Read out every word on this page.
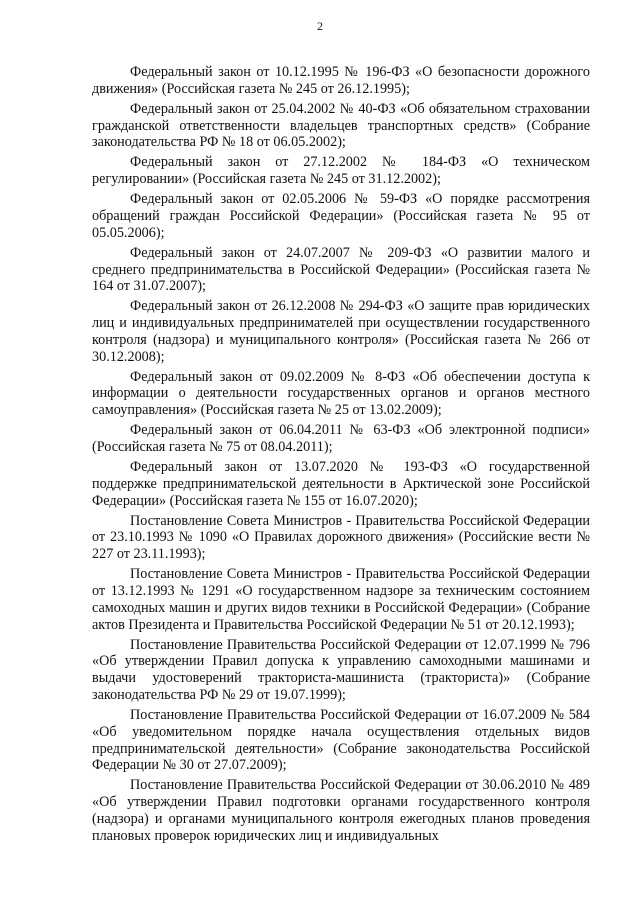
2

Федеральный закон от 10.12.1995 № 196-ФЗ «О безопасности дорожного движения» (Российская газета № 245 от 26.12.1995);

Федеральный закон от 25.04.2002 № 40-ФЗ «Об обязательном страховании гражданской ответственности владельцев транспортных средств» (Собрание законодательства РФ № 18 от 06.05.2002);

Федеральный закон от 27.12.2002 № 184-ФЗ «О техническом регулировании» (Российская газета № 245 от 31.12.2002);

Федеральный закон от 02.05.2006 № 59-ФЗ «О порядке рассмотрения обращений граждан Российской Федерации» (Российская газета № 95 от 05.05.2006);

Федеральный закон от 24.07.2007 № 209-ФЗ «О развитии малого и среднего предпринимательства в Российской Федерации» (Российская газета № 164 от 31.07.2007);

Федеральный закон от 26.12.2008 № 294-ФЗ «О защите прав юридических лиц и индивидуальных предпринимателей при осуществлении государственного контроля (надзора) и муниципального контроля» (Российская газета № 266 от 30.12.2008);

Федеральный закон от 09.02.2009 № 8-ФЗ «Об обеспечении доступа к информации о деятельности государственных органов и органов местного самоуправления» (Российская газета № 25 от 13.02.2009);

Федеральный закон от 06.04.2011 № 63-ФЗ «Об электронной подписи» (Российская газета № 75 от 08.04.2011);

Федеральный закон от 13.07.2020 № 193-ФЗ «О государственной поддержке предпринимательской деятельности в Арктической зоне Российской Федерации» (Российская газета № 155 от 16.07.2020);

Постановление Совета Министров - Правительства Российской Федерации от 23.10.1993 № 1090 «О Правилах дорожного движения» (Российские вести № 227 от 23.11.1993);

Постановление Совета Министров - Правительства Российской Федерации от 13.12.1993 № 1291 «О государственном надзоре за техническим состоянием самоходных машин и других видов техники в Российской Федерации» (Собрание актов Президента и Правительства Российской Федерации № 51 от 20.12.1993);

Постановление Правительства Российской Федерации от 12.07.1999 № 796 «Об утверждении Правил допуска к управлению самоходными машинами и выдачи удостоверений тракториста-машиниста (тракториста)» (Собрание законодательства РФ № 29 от 19.07.1999);

Постановление Правительства Российской Федерации от 16.07.2009 № 584 «Об уведомительном порядке начала осуществления отдельных видов предпринимательской деятельности» (Собрание законодательства Российской Федерации № 30 от 27.07.2009);

Постановление Правительства Российской Федерации от 30.06.2010 № 489 «Об утверждении Правил подготовки органами государственного контроля (надзора) и органами муниципального контроля ежегодных планов проведения плановых проверок юридических лиц и индивидуальных
